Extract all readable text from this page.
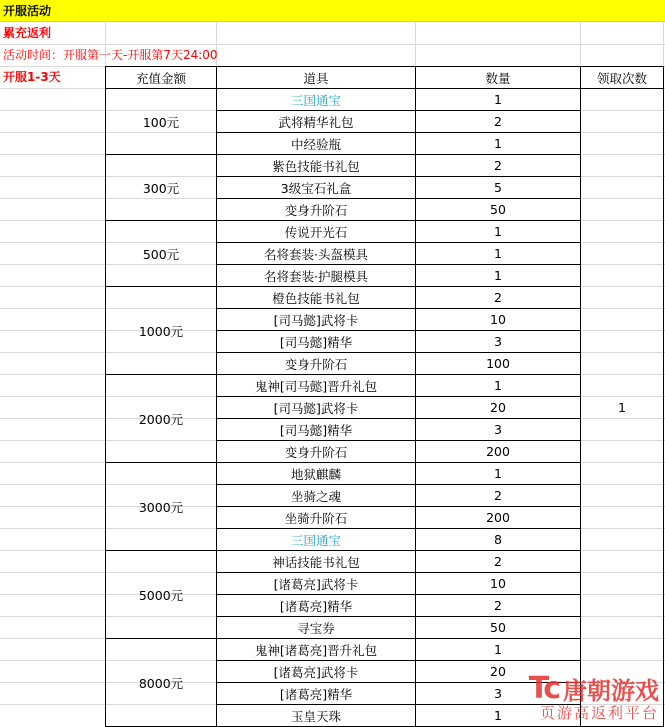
开服活动
累充返利
活动时间：开服第一天-开服第7天24:00
开服1-3天	充值金额	道具	数量	领取次数
100元	三国通宝	1	1
	武将精华礼包	2	
	中经验瓶	1	
300元	紫色技能书礼包	2	
	3级宝石礼盒	5	
	变身升阶石	50	
500元	传说开光石	1	
	名将套装·头盔模具	1	
	名将套装·护腿模具	1	
1000元	橙色技能书礼包	2	
	[司马懿]武将卡	10	
	[司马懿]精华	3	
	变身升阶石	100	
2000元	鬼神[司马懿]晋升礼包	1	
	[司马懿]武将卡	20	
	[司马懿]精华	3	
	变身升阶石	200	
3000元	地狱麒麟	1	
	坐骑之魂	2	
	坐骑升阶石	200	
	三国通宝	8	
5000元	神话技能书礼包	2	
	[诸葛亮]武将卡	10	
	[诸葛亮]精华	2	
	寻宝券	50	
8000元	鬼神[诸葛亮]晋升礼包	1	
	[诸葛亮]武将卡	20	
	[诸葛亮]精华	3	
	玉皇天珠	1	
Tc 唐朝游戏
页游高返利平台
